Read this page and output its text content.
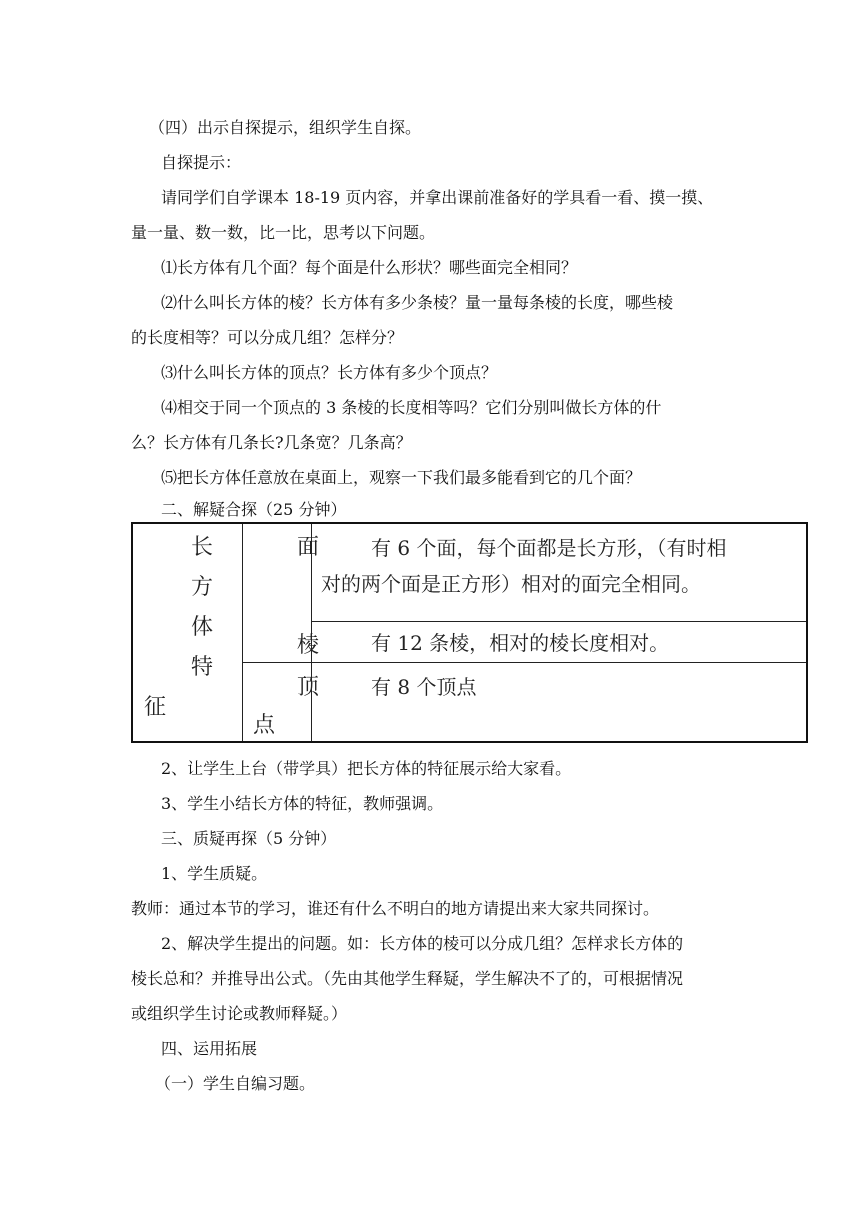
（四）出示自探提示，组织学生自探。
自探提示：
请同学们自学课本 18-19 页内容，并拿出课前准备好的学具看一看、摸一摸、
量一量、数一数，比一比，思考以下问题。
⑴长方体有几个面？每个面是什么形状？哪些面完全相同？
⑵什么叫长方体的棱？长方体有多少条棱？量一量每条棱的长度，哪些棱
的长度相等？可以分成几组？怎样分？
⑶什么叫长方体的顶点？长方体有多少个顶点？
⑷相交于同一个顶点的 3 条棱的长度相等吗？它们分别叫做长方体的什
么？长方体有几条长?几条宽？几条高？
⑸把长方体任意放在桌面上，观察一下我们最多能看到它的几个面？
二、解疑合探（25 分钟）
长
方
体
特
征
面
棱
顶
点
有 6 个面，每个面都是长方形，（有时相
对的两个面是正方形）相对的面完全相同。
有 12 条棱，相对的棱长度相对。
有 8 个顶点
2、让学生上台（带学具）把长方体的特征展示给大家看。
3、学生小结长方体的特征，教师强调。
三、质疑再探（5 分钟）
1、学生质疑。
教师：通过本节的学习，谁还有什么不明白的地方请提出来大家共同探讨。
2、解决学生提出的问题。如：长方体的棱可以分成几组？怎样求长方体的
棱长总和？并推导出公式。（先由其他学生释疑，学生解决不了的，可根据情况
或组织学生讨论或教师释疑。）
四、运用拓展
（一）学生自编习题。
